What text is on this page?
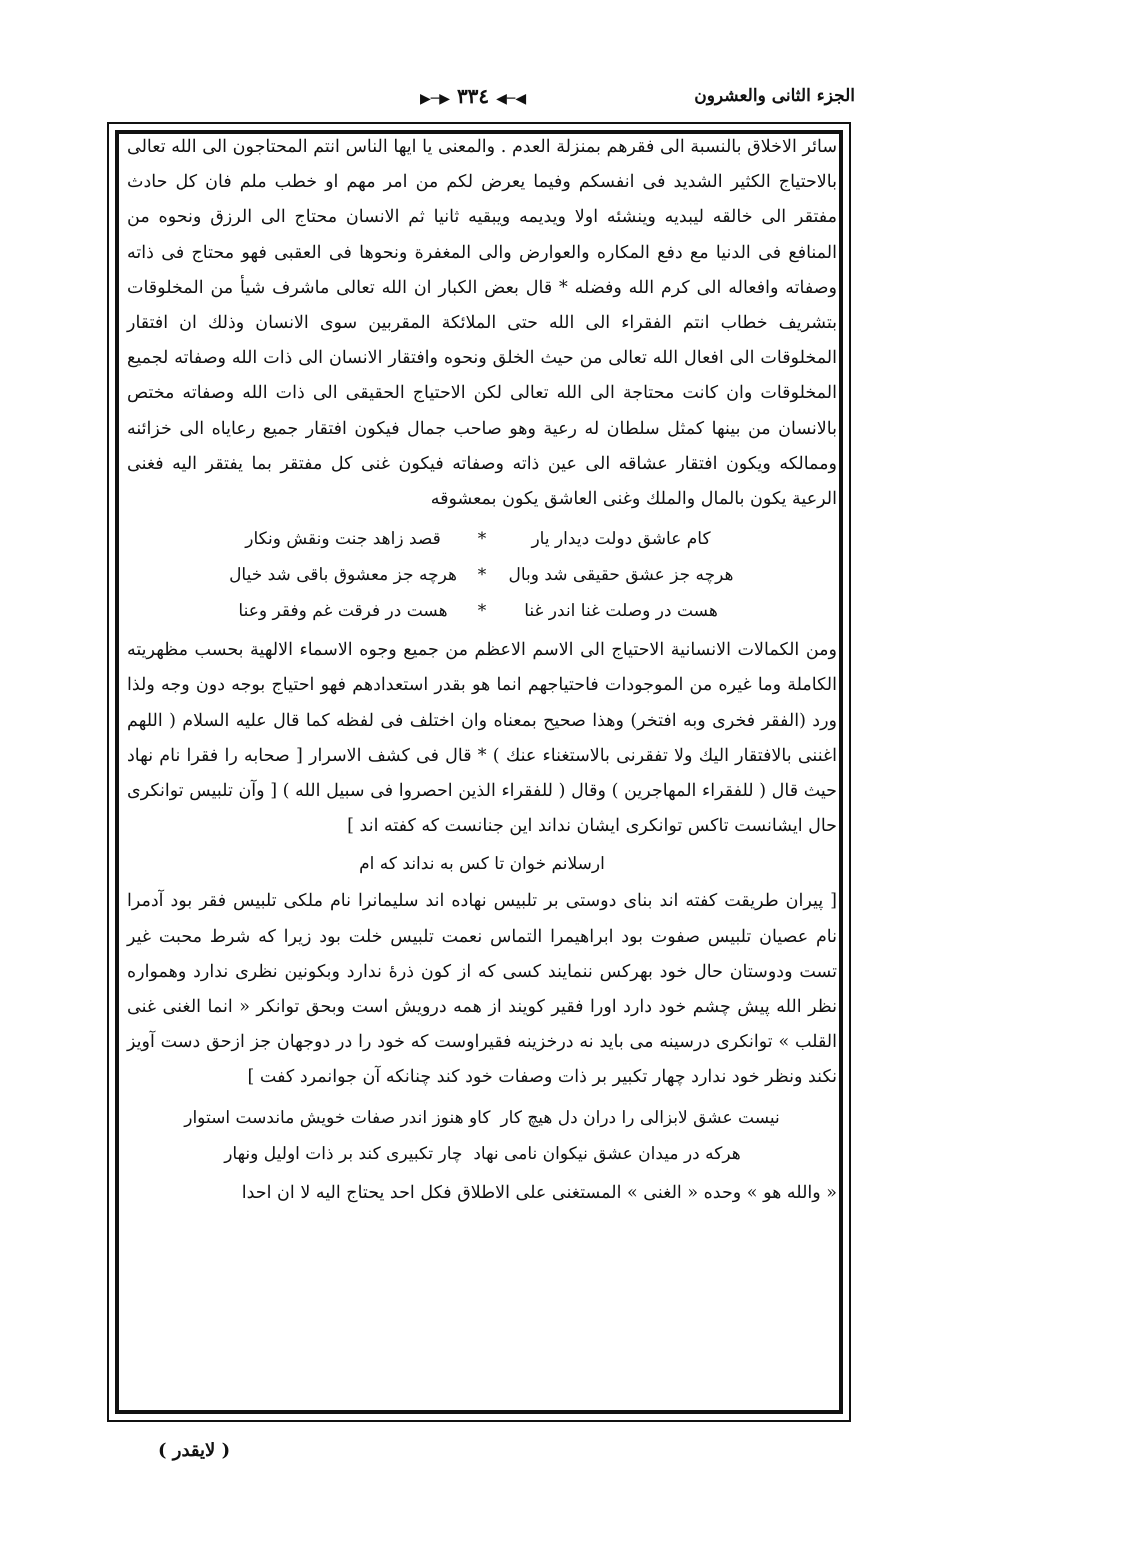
الجزء الثانى والعشرون
◀─◀ ٣٣٤ ▶─▶

سائر الاخلاق بالنسبة الى فقرهم بمنزلة العدم . والمعنى يا ايها الناس انتم المحتاجون الى الله تعالى بالاحتياج الكثير الشديد فى انفسكم وفيما يعرض لكم من امر مهم او خطب ملم فان كل حادث مفتقر الى خالقه ليبديه وينشئه اولا ويديمه ويبقيه ثانيا ثم الانسان محتاج الى الرزق ونحوه من المنافع فى الدنيا مع دفع المكاره والعوارض والى المغفرة ونحوها فى العقبى فهو محتاج فى ذاته وصفاته وافعاله الى كرم الله وفضله * قال بعض الكبار ان الله تعالى ماشرف شيأ من المخلوقات بتشريف خطاب انتم الفقراء الى الله حتى الملائكة المقربين سوى الانسان وذلك ان افتقار المخلوقات الى افعال الله تعالى من حيث الخلق ونحوه وافتقار الانسان الى ذات الله وصفاته لجميع المخلوقات وان كانت محتاجة الى الله تعالى لكن الاحتياج الحقيقى الى ذات الله وصفاته مختص بالانسان من بينها كمثل سلطان له رعية وهو صاحب جمال فيكون افتقار جميع رعاياه الى خزائنه وممالكه ويكون افتقار عشاقه الى عين ذاته وصفاته فيكون غنى كل مفتقر بما يفتقر اليه فغنى الرعية يكون بالمال والملك وغنى العاشق يكون بمعشوقه

كام عاشق دولت ديدار يار
*
قصد زاهد جنت ونقش ونكار
هرچه جز عشق حقيقى شد وبال
*
هرچه جز معشوق باقى شد خيال
هست در وصلت غنا اندر غنا
*
هست در فرقت غم وفقر وعنا

ومن الكمالات الانسانية الاحتياج الى الاسم الاعظم من جميع وجوه الاسماء الالهية بحسب مظهريته الكاملة وما غيره من الموجودات فاحتياجهم انما هو بقدر استعدادهم فهو احتياج بوجه دون وجه ولذا ورد (الفقر فخرى وبه افتخر) وهذا صحيح بمعناه وان اختلف فى لفظه كما قال عليه السلام ( اللهم اغننى بالافتقار اليك ولا تفقرنى بالاستغناء عنك ) * قال فى كشف الاسرار [ صحابه را فقرا نام نهاد حيث قال ( للفقراء المهاجرين ) وقال ( للفقراء الذين احصروا فى سبيل الله ) [ وآن تلبيس توانكرى حال ايشانست تاكس توانكرى ايشان نداند اين جنانست كه كفته اند ]

ارسلانم خوان تا كس به نداند كه ام

[ پيران طريقت كفته اند بناى دوستى بر تلبيس نهاده اند سليمانرا نام ملكى تلبيس فقر بود آدمرا نام عصيان تلبيس صفوت بود ابراهيمرا التماس نعمت تلبيس خلت بود زيرا كه شرط محبت غير تست ودوستان حال خود بهركس ننمايند كسى كه از كون ذرهٔ ندارد وبكونين نظرى ندارد وهمواره نظر الله پيش چشم خود دارد اورا فقير كويند از همه درويش است وبحق توانكر « انما الغنى غنى القلب » توانكرى درسينه مى بايد نه درخزينه فقيراوست كه خود را در دوجهان جز ازحق دست آويز نكند ونظر خود ندارد چهار تكبير بر ذات وصفات خود كند چنانكه آن جوانمرد كفت ]

نيست عشق لابزالى را دران دل هيچ كار
كاو هنوز اندر صفات خويش ماندست استوار
هركه در ميدان عشق نيكوان نامى نهاد
چار تكبيرى كند بر ذات اوليل ونهار

« والله هو » وحده « الغنى » المستغنى على الاطلاق فكل احد يحتاج اليه لا ان احدا

( لايقدر )
